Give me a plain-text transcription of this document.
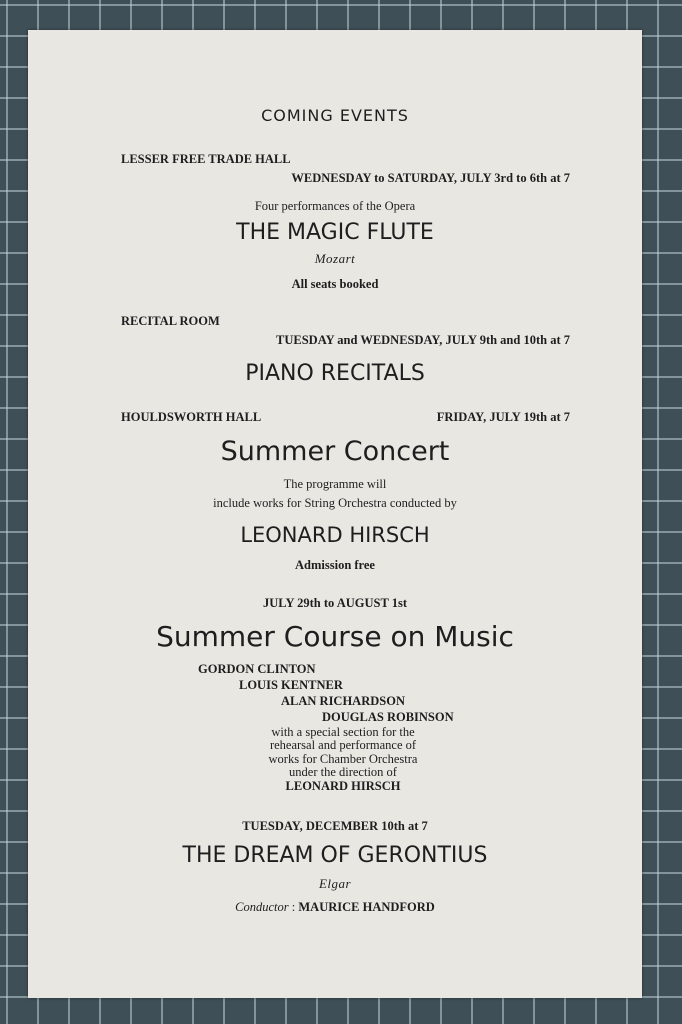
COMING EVENTS
LESSER FREE TRADE HALL
WEDNESDAY to SATURDAY, JULY 3rd to 6th at 7
Four performances of the Opera
THE MAGIC FLUTE
Mozart
All seats booked
RECITAL ROOM
TUESDAY and WEDNESDAY, JULY 9th and 10th at 7
PIANO RECITALS
HOULDSWORTH HALL	FRIDAY, JULY 19th at 7
Summer Concert
The programme will
include works for String Orchestra conducted by
LEONARD HIRSCH
Admission free
JULY 29th to AUGUST 1st
Summer Course on Music
GORDON CLINTON
LOUIS KENTNER
ALAN RICHARDSON
DOUGLAS ROBINSON
with a special section for the
rehearsal and performance of
works for Chamber Orchestra
under the direction of
LEONARD HIRSCH
TUESDAY, DECEMBER 10th at 7
THE DREAM OF GERONTIUS
Elgar
Conductor : MAURICE HANDFORD
